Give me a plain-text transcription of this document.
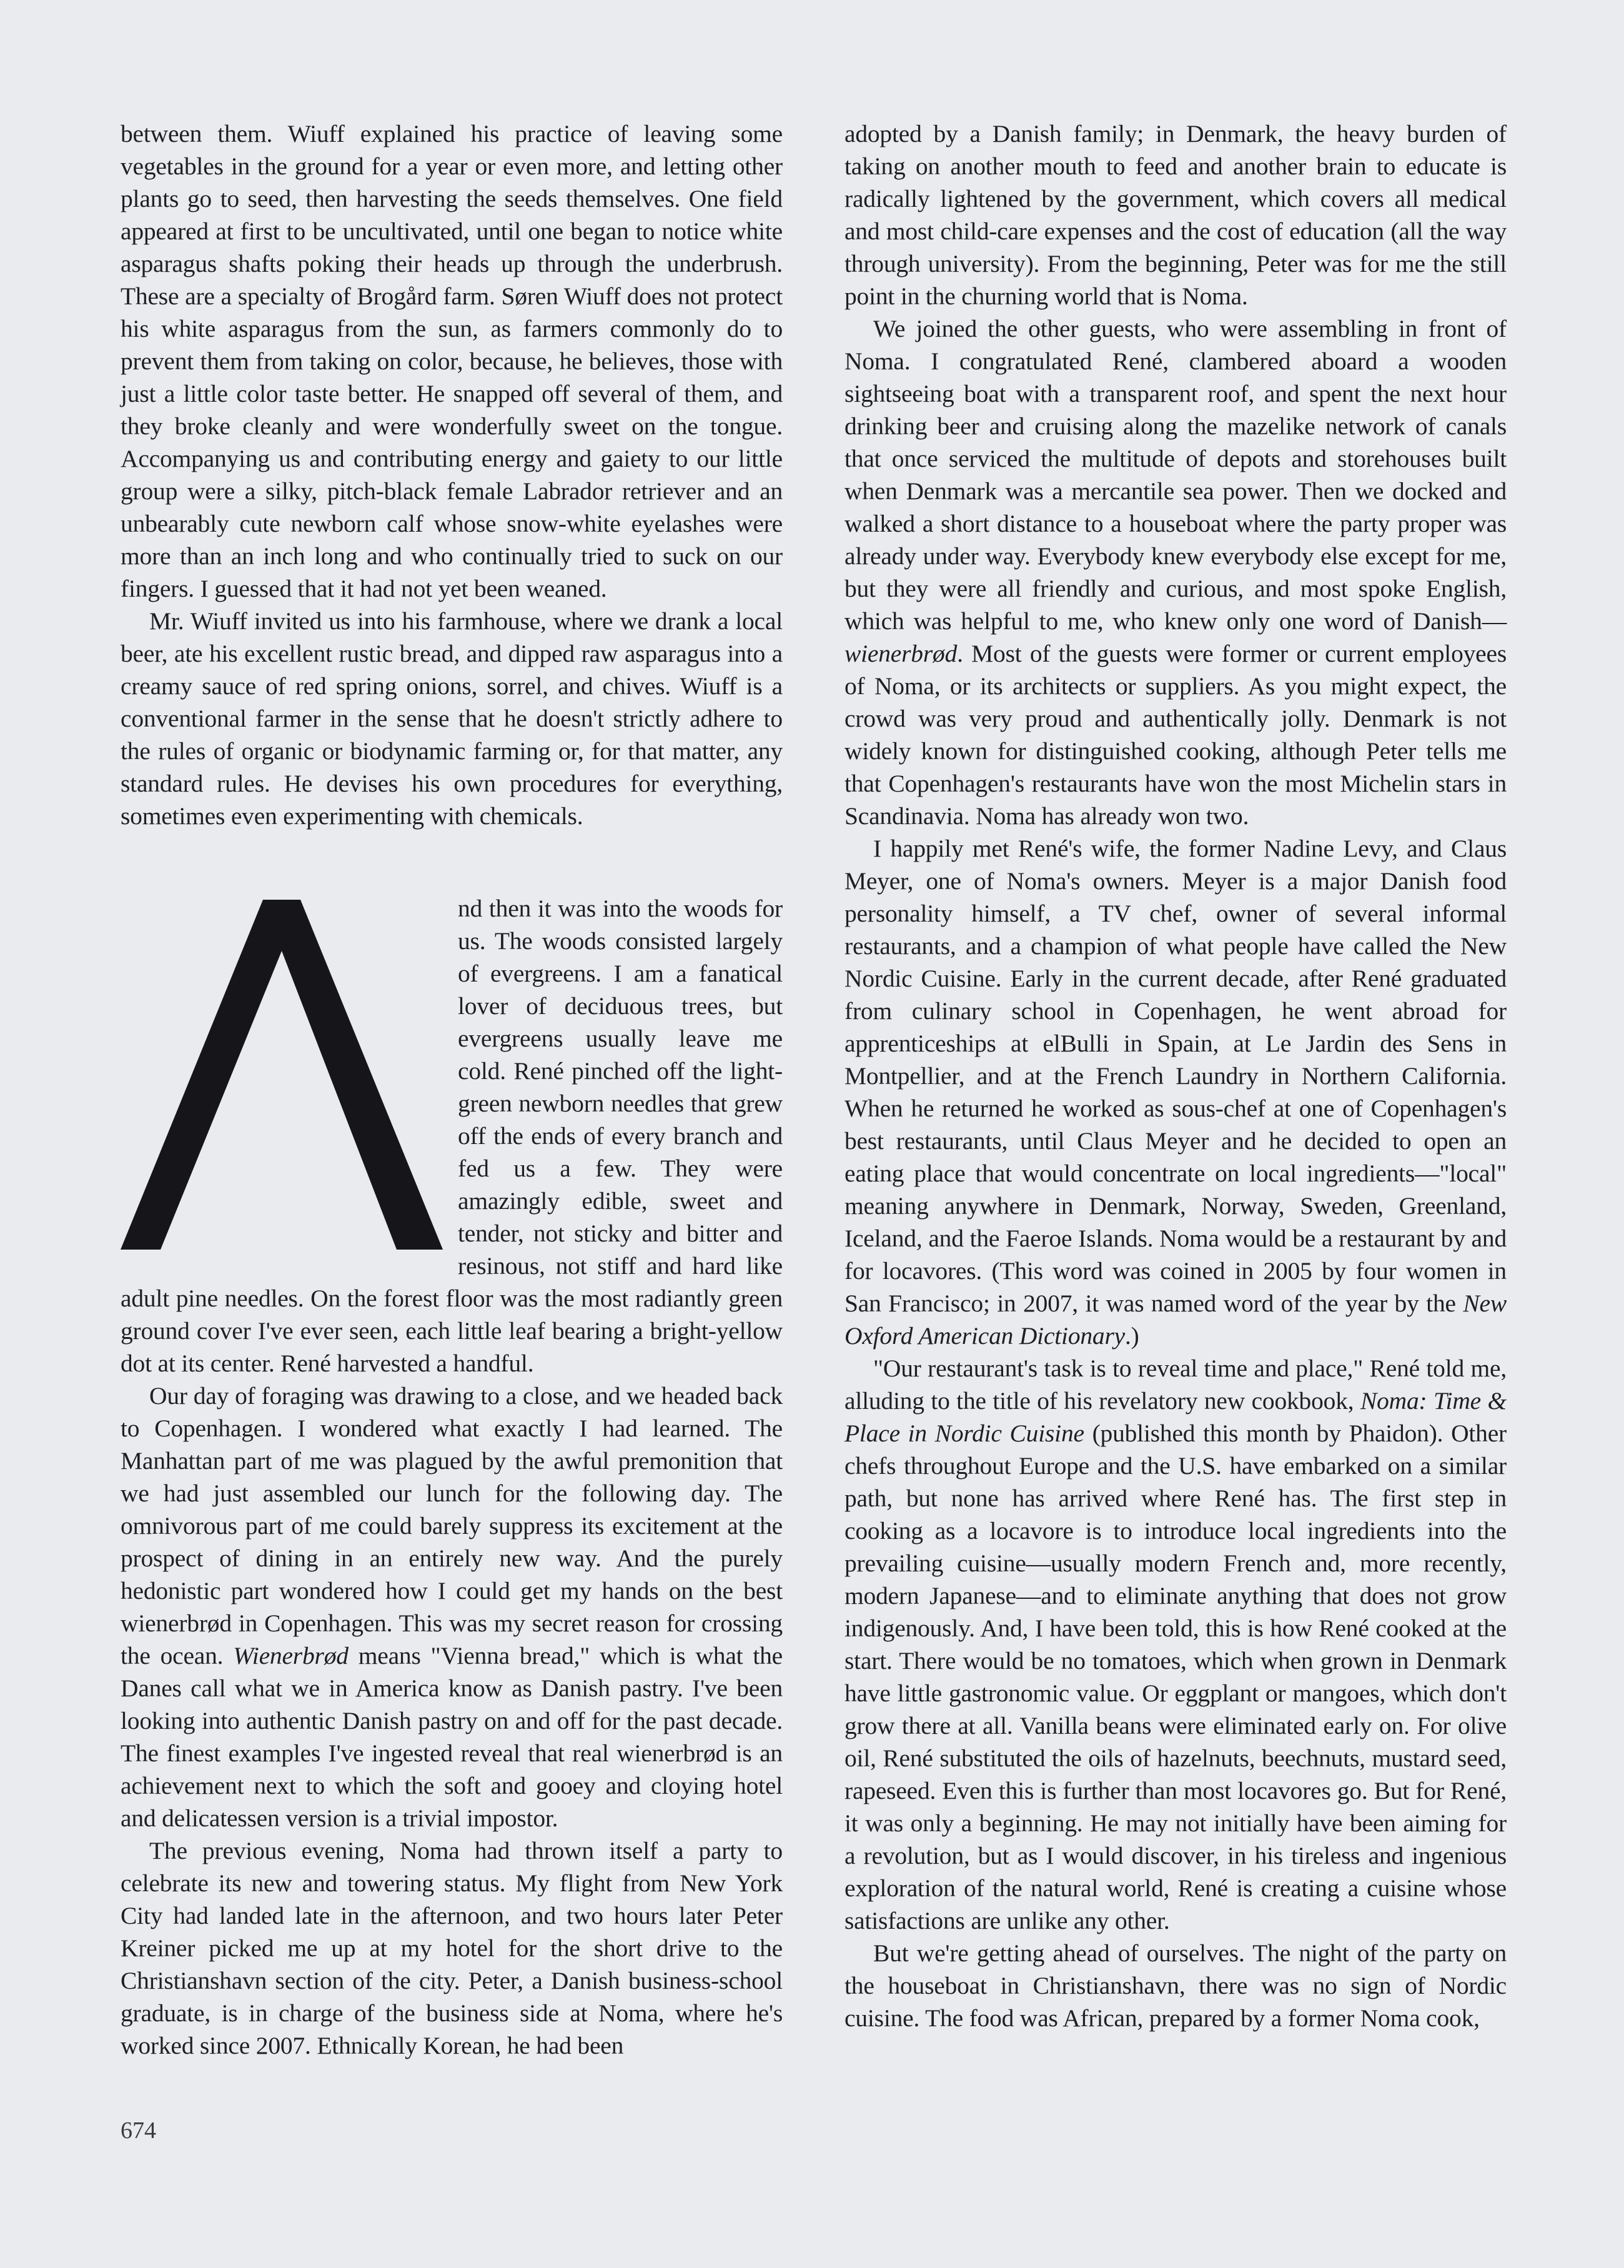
between them. Wiuff explained his practice of leaving some vegetables in the ground for a year or even more, and letting other plants go to seed, then harvesting the seeds themselves. One field appeared at first to be uncultivated, until one began to notice white asparagus shafts poking their heads up through the underbrush. These are a specialty of Brogård farm. Søren Wiuff does not protect his white asparagus from the sun, as farmers commonly do to prevent them from taking on color, because, he believes, those with just a little color taste better. He snapped off several of them, and they broke cleanly and were wonderfully sweet on the tongue. Accompanying us and contributing energy and gaiety to our little group were a silky, pitch-black female Labrador retriever and an unbearably cute newborn calf whose snow-white eyelashes were more than an inch long and who continually tried to suck on our fingers. I guessed that it had not yet been weaned.

Mr. Wiuff invited us into his farmhouse, where we drank a local beer, ate his excellent rustic bread, and dipped raw asparagus into a creamy sauce of red spring onions, sorrel, and chives. Wiuff is a conventional farmer in the sense that he doesn't strictly adhere to the rules of organic or biodynamic farming or, for that matter, any standard rules. He devises his own procedures for everything, sometimes even experimenting with chemicals.

nd then it was into the woods for us. The woods consisted largely of evergreens. I am a fanatical lover of deciduous trees, but evergreens usually leave me cold. René pinched off the light-green newborn needles that grew off the ends of every branch and fed us a few. They were amazingly edible, sweet and tender, not sticky and bitter and resinous, not stiff and hard like adult pine needles. On the forest floor was the most radiantly green ground cover I've ever seen, each little leaf bearing a bright-yellow dot at its center. René harvested a handful.

Our day of foraging was drawing to a close, and we headed back to Copenhagen. I wondered what exactly I had learned. The Manhattan part of me was plagued by the awful premonition that we had just assembled our lunch for the following day. The omnivorous part of me could barely suppress its excitement at the prospect of dining in an entirely new way. And the purely hedonistic part wondered how I could get my hands on the best wienerbrød in Copenhagen. This was my secret reason for crossing the ocean. Wienerbrød means "Vienna bread," which is what the Danes call what we in America know as Danish pastry. I've been looking into authentic Danish pastry on and off for the past decade. The finest examples I've ingested reveal that real wienerbrød is an achievement next to which the soft and gooey and cloying hotel and delicatessen version is a trivial impostor.

The previous evening, Noma had thrown itself a party to celebrate its new and towering status. My flight from New York City had landed late in the afternoon, and two hours later Peter Kreiner picked me up at my hotel for the short drive to the Christianshavn section of the city. Peter, a Danish business-school graduate, is in charge of the business side at Noma, where he's worked since 2007. Ethnically Korean, he had been

adopted by a Danish family; in Denmark, the heavy burden of taking on another mouth to feed and another brain to educate is radically lightened by the government, which covers all medical and most child-care expenses and the cost of education (all the way through university). From the beginning, Peter was for me the still point in the churning world that is Noma.

We joined the other guests, who were assembling in front of Noma. I congratulated René, clambered aboard a wooden sightseeing boat with a transparent roof, and spent the next hour drinking beer and cruising along the mazelike network of canals that once serviced the multitude of depots and storehouses built when Denmark was a mercantile sea power. Then we docked and walked a short distance to a houseboat where the party proper was already under way. Everybody knew everybody else except for me, but they were all friendly and curious, and most spoke English, which was helpful to me, who knew only one word of Danish—wienerbrød. Most of the guests were former or current employees of Noma, or its architects or suppliers. As you might expect, the crowd was very proud and authentically jolly. Denmark is not widely known for distinguished cooking, although Peter tells me that Copenhagen's restaurants have won the most Michelin stars in Scandinavia. Noma has already won two.

I happily met René's wife, the former Nadine Levy, and Claus Meyer, one of Noma's owners. Meyer is a major Danish food personality himself, a TV chef, owner of several informal restaurants, and a champion of what people have called the New Nordic Cuisine. Early in the current decade, after René graduated from culinary school in Copenhagen, he went abroad for apprenticeships at elBulli in Spain, at Le Jardin des Sens in Montpellier, and at the French Laundry in Northern California. When he returned he worked as sous-chef at one of Copenhagen's best restaurants, until Claus Meyer and he decided to open an eating place that would concentrate on local ingredients—"local" meaning anywhere in Denmark, Norway, Sweden, Greenland, Iceland, and the Faeroe Islands. Noma would be a restaurant by and for locavores. (This word was coined in 2005 by four women in San Francisco; in 2007, it was named word of the year by the New Oxford American Dictionary.)

"Our restaurant's task is to reveal time and place," René told me, alluding to the title of his revelatory new cookbook, Noma: Time & Place in Nordic Cuisine (published this month by Phaidon). Other chefs throughout Europe and the U.S. have embarked on a similar path, but none has arrived where René has. The first step in cooking as a locavore is to introduce local ingredients into the prevailing cuisine—usually modern French and, more recently, modern Japanese—and to eliminate anything that does not grow indigenously. And, I have been told, this is how René cooked at the start. There would be no tomatoes, which when grown in Denmark have little gastronomic value. Or eggplant or mangoes, which don't grow there at all. Vanilla beans were eliminated early on. For olive oil, René substituted the oils of hazelnuts, beechnuts, mustard seed, rapeseed. Even this is further than most locavores go. But for René, it was only a beginning. He may not initially have been aiming for a revolution, but as I would discover, in his tireless and ingenious exploration of the natural world, René is creating a cuisine whose satisfactions are unlike any other.

But we're getting ahead of ourselves. The night of the party on the houseboat in Christianshavn, there was no sign of Nordic cuisine. The food was African, prepared by a former Noma cook,

674
